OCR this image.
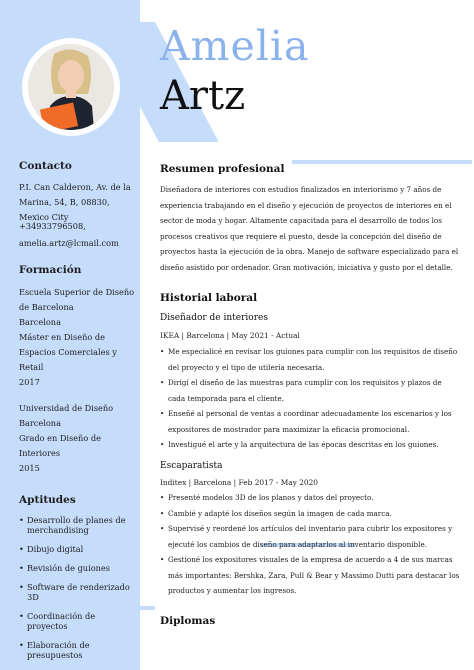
Amelia
Artz
Contacto
P.I. Can Calderon, Av. de la Marina, 54, B, 08830, Mexico City
+34933796508,
amelia.artz@lcmail.com
Formación
Escuela Superior de Diseño de Barcelona
Barcelona
Máster en Diseño de Espacios Comerciales y Retail
2017
Universidad de Diseño
Barcelona
Grado en Diseño de Interiores
2015
Aptitudes
• Desarrollo de planes de merchandising
• Dibujo digital
• Revisión de guiones
• Software de renderizado 3D
• Coordinación de proyectos
• Elaboración de presupuestos
Resumen profesional
Diseñadora de interiores con estudios finalizados en interiorismo y 7 años de experiencia trabajando en el diseño y ejecución de proyectos de interiores en el sector de moda y hogar. Altamente capacitada para el desarrollo de todos los procesos creativos que requiere el puesto, desde la concepción del diseño de proyectos hasta la ejecución de la obra. Manejo de software especializado para el diseño asistido por ordenador. Gran motivación, iniciativa y gusto por el detalle.
Historial laboral
Diseñador de interiores
IKEA | Barcelona | May 2021 - Actual
• Me especialicé en revisar los guiones para cumplir con los requisitos de diseño del proyecto y el tipo de utilería necesaria.
• Dirigí el diseño de las muestras para cumplir con los requisitos y plazos de cada temporada para el cliente.
• Enseñé al personal de ventas a coordinar adecuadamente los escenarios y los expositores de mostrador para maximizar la eficacia promocional.
• Investigué el arte y la arquitectura de las épocas descritas en los guiones.
Escaparatista
Inditex | Barcelona | Feb 2017 - May 2020
• Presenté modelos 3D de los planos y datos del proyecto.
• Cambié y adapté los diseños según la imagen de cada marca.
• Supervisé y reordené los artículos del inventario para cubrir los expositores y ejecuté los cambios de diseño para adaptarlos al inventario disponible.
• Gestioné los expositores visuales de la empresa de acuerdo a 4 de sus marcas más importantes: Bershka, Zara, Pull & Bear y Massimo Dutti para destacar los productos y aumentar los ingresos.
Diplomas
